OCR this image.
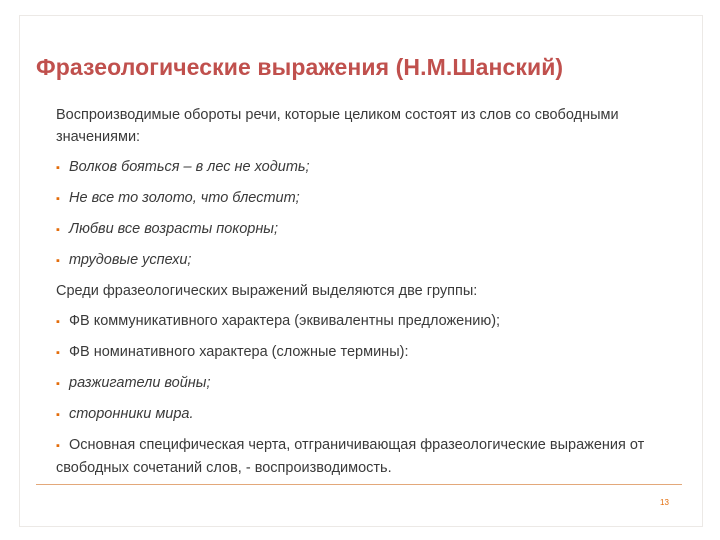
Фразеологические выражения (Н.М.Шанский)

Воспроизводимые обороты речи, которые целиком состоят из слов со свободными значениями:

▪ Волков бояться – в лес не ходить;
▪ Не все то золото, что блестит;
▪ Любви все возрасты покорны;
▪ трудовые успехи;

Среди фразеологических выражений выделяются две группы:

▪ ФВ коммуникативного характера (эквивалентны предложению);
▪ ФВ номинативного характера (сложные термины):
▪ разжигатели войны;
▪ сторонники мира.
▪ Основная специфическая черта, отграничивающая фразеологические выражения от свободных сочетаний слов, - воспроизводимость.
13
